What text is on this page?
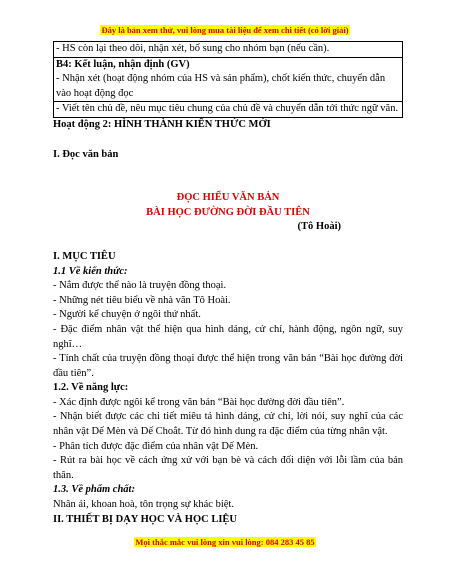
Đây là bản xem thử, vui lòng mua tài liệu để xem chi tiết (có lời giải)

- HS còn lại theo dõi, nhận xét, bổ sung cho nhóm bạn (nếu cần).

B4: Kết luận, nhận định (GV)

- Nhận xét (hoạt động nhóm của HS và sản phẩm), chốt kiến thức, chuyển dẫn vào hoạt động đọc

- Viết tên chủ đề, nêu mục tiêu chung của chủ đề và chuyển dẫn tới thức ngữ văn.

Hoạt động 2: HÌNH THÀNH KIẾN THỨC MỚI

I. Đọc văn bản

ĐỌC HIỂU VĂN BẢN

BÀI HỌC ĐƯỜNG ĐỜI ĐẦU TIÊN

(Tô Hoài)

I. MỤC TIÊU

1.1 Về kiến thức:

- Nắm được thể nào là truyện đồng thoại.

- Những nét tiêu biểu về nhà văn Tô Hoài.

- Người kể chuyện ở ngôi thứ nhất.

- Đặc điểm nhân vật thể hiện qua hình dáng, cử chỉ, hành động, ngôn ngữ, suy nghĩ…

- Tính chất của truyện đồng thoại được thể hiện trong văn bản “Bài học đường đời đầu tiên”.

1.2. Về năng lực:

- Xác định được ngôi kể trong văn bản “Bài học đường đời đầu tiên”.

- Nhận biết được các chi tiết miêu tả hình dáng, cử chỉ, lời nói, suy nghĩ của các nhân vật Dế Mèn và Dế Choắt. Từ đó hình dung ra đặc điểm của từng nhân vật.

- Phân tích được đặc điểm của nhân vật Dế Mèn.

- Rút ra bài học về cách ứng xử với bạn bè và cách đối diện với lỗi lầm của bản thân.

1.3. Về phẩm chất:

Nhân ái, khoan hoà, tôn trọng sự khác biệt.

II. THIẾT BỊ DẠY HỌC VÀ HỌC LIỆU

Mọi thắc mắc vui lòng xin vui lòng: 084 283 45 85
